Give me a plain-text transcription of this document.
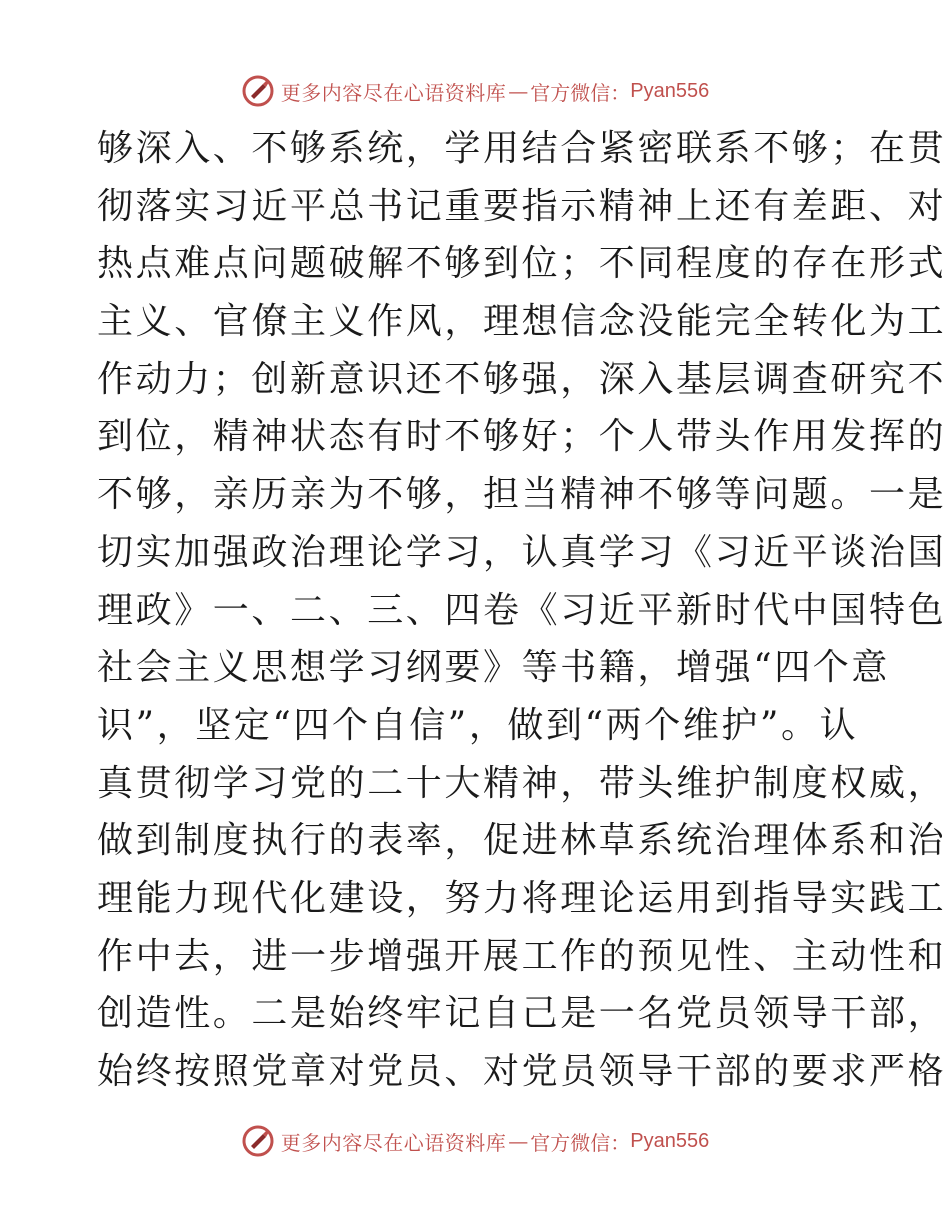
更多内容尽在心语资料库 — 官方微信： Pyan556
够深入、不够系统，学用结合紧密联系不够；在贯
彻落实习近平总书记重要指示精神上还有差距、对
热点难点问题破解不够到位；不同程度的存在形式
主义、官僚主义作风，理想信念没能完全转化为工
作动力；创新意识还不够强，深入基层调查研究不
到位，精神状态有时不够好；个人带头作用发挥的
不够，亲历亲为不够，担当精神不够等问题。一是
切实加强政治理论学习，认真学习《习近平谈治国
理政》一、二、三、四卷《习近平新时代中国特色
社会主义思想学习纲要》等书籍，增强“四个意
识”，坚定“四个自信”，做到“两个维护”。认
真贯彻学习党的二十大精神，带头维护制度权威，
做到制度执行的表率，促进林草系统治理体系和治
理能力现代化建设，努力将理论运用到指导实践工
作中去，进一步增强开展工作的预见性、主动性和
创造性。二是始终牢记自己是一名党员领导干部，
始终按照党章对党员、对党员领导干部的要求严格
更多内容尽在心语资料库 — 官方微信： Pyan556
